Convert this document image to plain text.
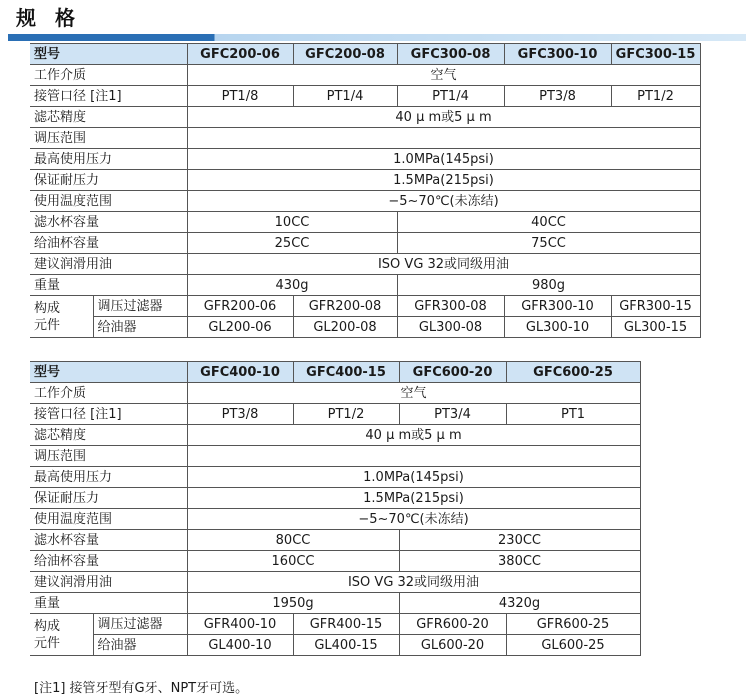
规 格
型号		GFC200-06	GFC200-08	GFC300-08	GFC300-10	GFC300-15
工作介质		空气				
接管口径 [注1]		PT1/8	PT1/4	PT1/4	PT3/8	PT1/2
滤芯精度		40 μ m或5 μ m				
调压范围						
最高使用压力		1.0MPa(145psi)				
保证耐压力		1.5MPa(215psi)				
使用温度范围		−5~70℃(未冻结)				
滤水杯容量		10CC		40CC		
给油杯容量		25CC		75CC		
建议润滑用油		ISO VG 32或同级用油				
重量		430g		980g		
构成元件	调压过滤器	GFR200-06	GFR200-08	GFR300-08	GFR300-10	GFR300-15
	给油器	GL200-06	GL200-08	GL300-08	GL300-10	GL300-15
型号		GFC400-10	GFC400-15	GFC600-20	GFC600-25
工作介质		空气			
接管口径 [注1]		PT3/8	PT1/2	PT3/4	PT1
滤芯精度		40 μ m或5 μ m			
调压范围					
最高使用压力		1.0MPa(145psi)			
保证耐压力		1.5MPa(215psi)			
使用温度范围		−5~70℃(未冻结)			
滤水杯容量		80CC		230CC	
给油杯容量		160CC		380CC	
建议润滑用油		ISO VG 32或同级用油			
重量		1950g		4320g	
构成元件	调压过滤器	GFR400-10	GFR400-15	GFR600-20	GFR600-25
	给油器	GL400-10	GL400-15	GL600-20	GL600-25
[注1] 接管牙型有G牙、NPT牙可选。
